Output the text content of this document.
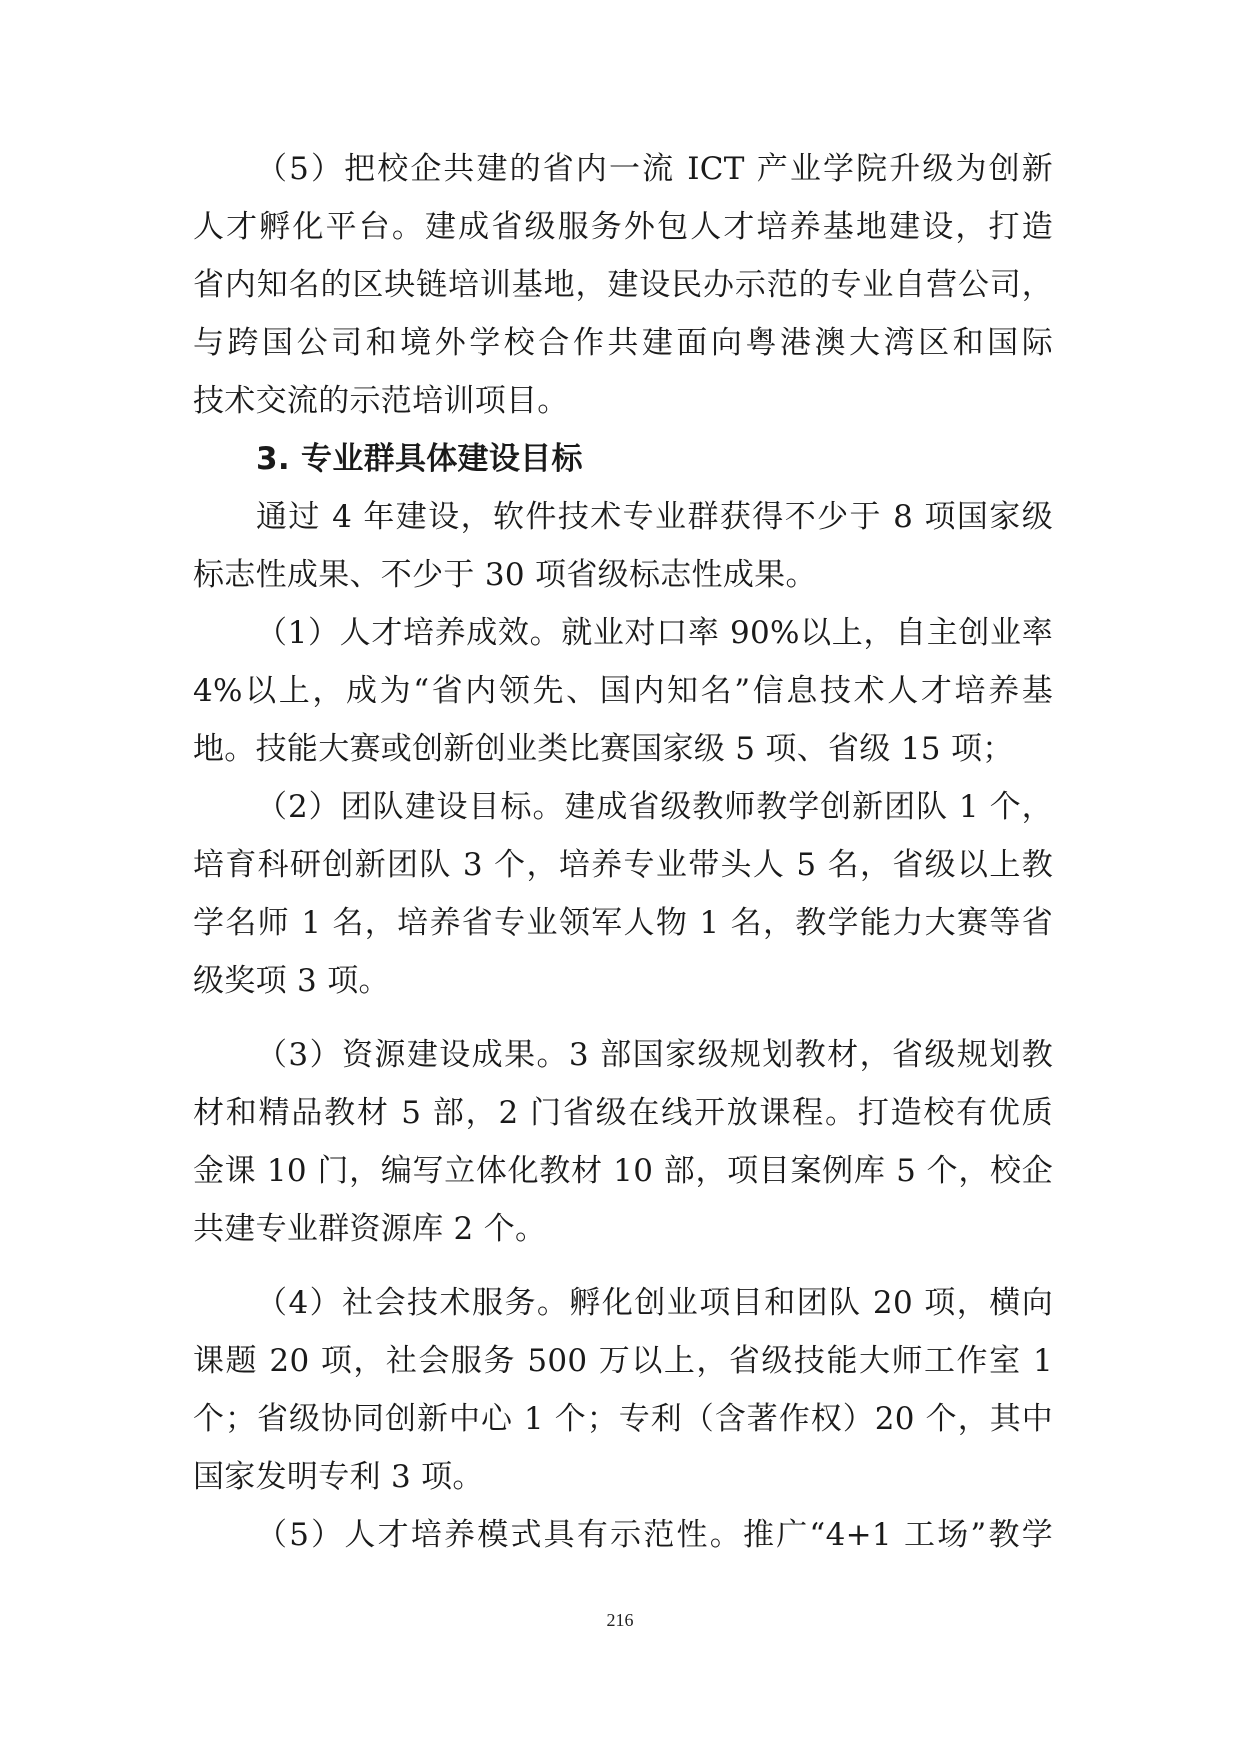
（5）把校企共建的省内一流 ICT 产业学院升级为创新
人才孵化平台。建成省级服务外包人才培养基地建设，打造
省内知名的区块链培训基地，建设民办示范的专业自营公司，
与跨国公司和境外学校合作共建面向粤港澳大湾区和国际
技术交流的示范培训项目。
3. 专业群具体建设目标
通过 4 年建设，软件技术专业群获得不少于 8 项国家级
标志性成果、不少于 30 项省级标志性成果。
（1）人才培养成效。就业对口率 90%以上，自主创业率
4%以上，成为“省内领先、国内知名”信息技术人才培养基
地。技能大赛或创新创业类比赛国家级 5 项、省级 15 项；
（2）团队建设目标。建成省级教师教学创新团队 1 个，
培育科研创新团队 3 个，培养专业带头人 5 名，省级以上教
学名师 1 名，培养省专业领军人物 1 名，教学能力大赛等省
级奖项 3 项。
（3）资源建设成果。3 部国家级规划教材，省级规划教
材和精品教材 5 部，2 门省级在线开放课程。打造校有优质
金课 10 门，编写立体化教材 10 部，项目案例库 5 个，校企
共建专业群资源库 2 个。
（4）社会技术服务。孵化创业项目和团队 20 项，横向
课题 20 项，社会服务 500 万以上，省级技能大师工作室 1
个；省级协同创新中心 1 个；专利（含著作权）20 个，其中
国家发明专利 3 项。
（5）人才培养模式具有示范性。推广“4+1 工场”教学
216
